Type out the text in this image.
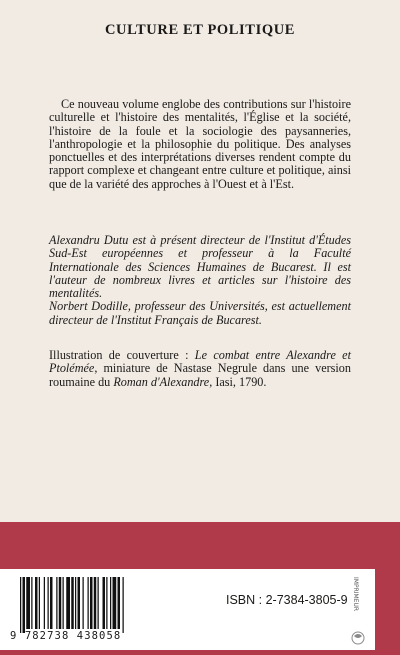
CULTURE ET POLITIQUE
Ce nouveau volume englobe des contributions sur l'histoire culturelle et l'histoire des mentalités, l'Église et la société, l'histoire de la foule et la sociologie des paysanneries, l'anthropologie et la philosophie du politique. Des analyses ponctuelles et des interprétations diverses rendent compte du rapport complexe et changeant entre culture et politique, ainsi que de la variété des approches à l'Ouest et à l'Est.

Alexandru Dutu est à présent directeur de l'Institut d'Études Sud-Est européennes et professeur à la Faculté Internationale des Sciences Humaines de Bucarest. Il est l'auteur de nombreux livres et articles sur l'histoire des mentalités.

Norbert Dodille, professeur des Universités, est actuellement directeur de l'Institut Français de Bucarest.

Illustration de couverture : Le combat entre Alexandre et Ptolémée, miniature de Nastase Negrule dans une version roumaine du Roman d'Alexandre, Iasi, 1790.
9 782738 438058
ISBN : 2-7384-3805-9 IMPRIMEUR
